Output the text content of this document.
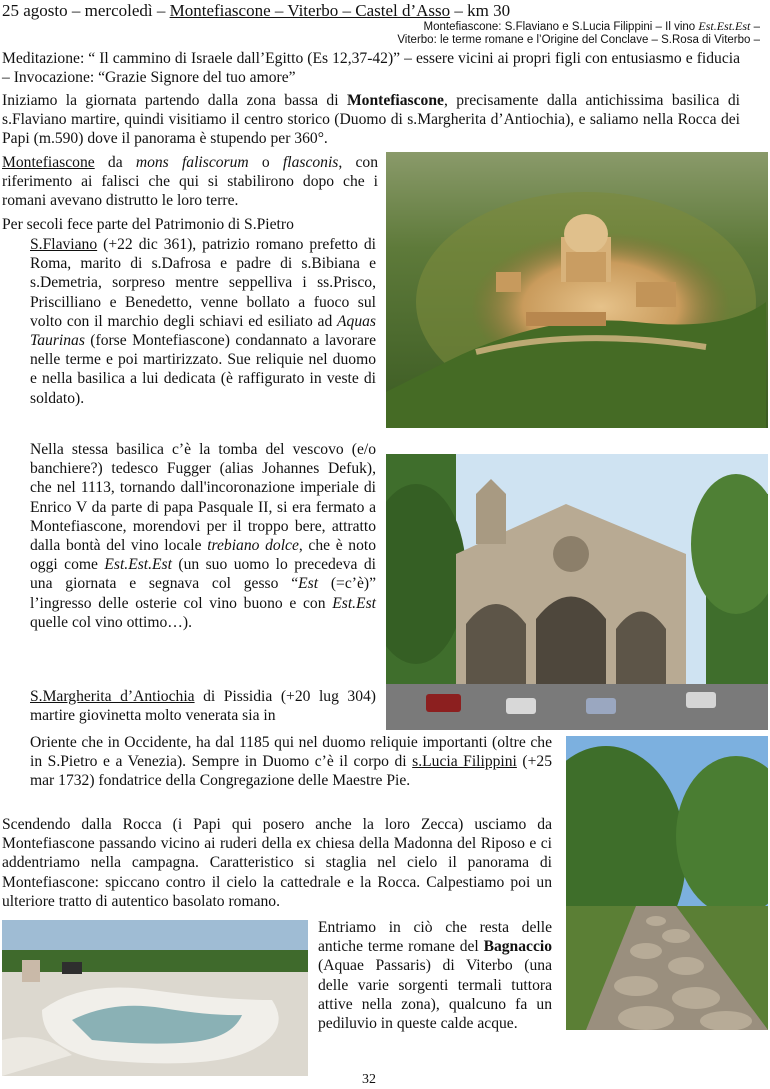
25 agosto – mercoledì – Montefiascone – Viterbo – Castel d’Asso – km 30
Montefiascone: S.Flaviano e S.Lucia Filippini – Il vino Est.Est.Est –
Viterbo: le terme romane e l’Origine del Conclave – S.Rosa di Viterbo –
Meditazione: “ Il cammino di Israele dall’Egitto (Es 12,37-42)” – essere vicini ai propri figli con entusiasmo e fiducia – Invocazione: “Grazie Signore del tuo amore”
Iniziamo la giornata partendo dalla zona bassa di Montefiascone, precisamente dalla antichissima basilica di s.Flaviano martire, quindi visitiamo il centro storico (Duomo di s.Margherita d’Antiochia), e saliamo nella Rocca dei Papi (m.590) dove il panorama è stupendo per 360°.
Montefiascone da mons faliscorum o flasconis, con riferimento ai falisci che qui si stabilirono dopo che i romani avevano distrutto le loro terre.
Per secoli fece parte del Patrimonio di S.Pietro
S.Flaviano (+22 dic 361), patrizio romano prefetto di Roma, marito di s.Dafrosa e padre di s.Bibiana e s.Demetria, sorpreso mentre seppelliva i ss.Prisco, Priscilliano e Benedetto, venne bollato a fuoco sul volto con il marchio degli schiavi ed esiliato ad Aquas Taurinas (forse Montefiascone) condannato a lavorare nelle terme e poi martirizzato. Sue reliquie nel duomo e nella basilica a lui dedicata (è raffigurato in veste di soldato).
Nella stessa basilica c’è la tomba del vescovo (e/o banchiere?) tedesco Fugger (alias Johannes Defuk), che nel 1113, tornando dall'incoronazione imperiale di Enrico V da parte di papa Pasquale II, si era fermato a Montefiascone, morendovi per il troppo bere, attratto dalla bontà del vino locale trebiano dolce, che è noto oggi come Est.Est.Est (un suo uomo lo precedeva di una giornata e segnava col gesso “Est (=c’è)” l’ingresso delle osterie col vino buono e con Est.Est quelle col vino ottimo…).
S.Margherita d’Antiochia di Pissidia (+20 lug 304) martire giovinetta molto venerata sia in
Oriente che in Occidente, ha dal 1185 qui nel duomo reliquie importanti (oltre che in S.Pietro e a Venezia). Sempre in Duomo c’è il corpo di s.Lucia Filippini (+25 mar 1732) fondatrice della Congregazione delle Maestre Pie.
Scendendo dalla Rocca (i Papi qui posero anche la loro Zecca) usciamo da Montefiascone passando vicino ai ruderi della ex chiesa della Madonna del Riposo e ci addentriamo nella campagna. Caratteristico si staglia nel cielo il panorama di Montefiascone: spiccano contro il cielo la cattedrale e la Rocca. Calpestiamo poi un ulteriore tratto di autentico basolato romano.
Entriamo in ciò che resta delle antiche terme romane del Bagnaccio (Aquae Passaris) di Viterbo (una delle varie sorgenti termali tuttora attive nella zona), qualcuno fa un pediluvio in queste calde acque.
32
